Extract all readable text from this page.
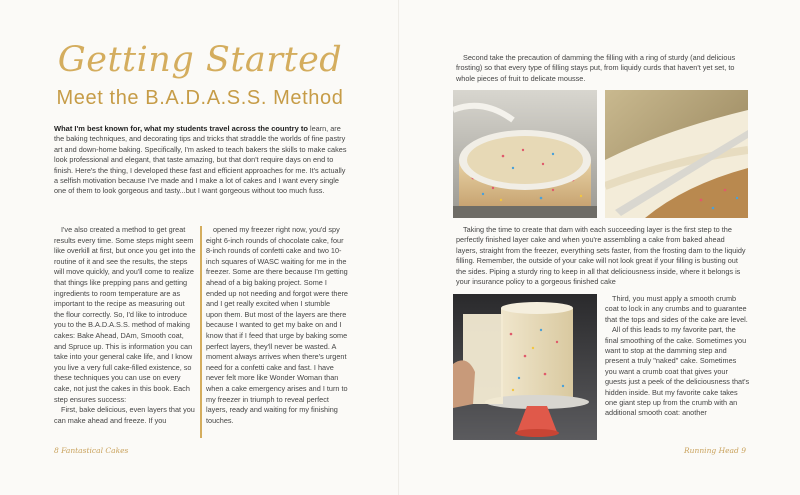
Getting Started
Meet the B.A.D.A.S.S. Method
What I'm best known for, what my students travel across the country to learn, are the baking techniques, and decorating tips and tricks that straddle the worlds of fine pastry art and down-home baking. Specifically, I'm asked to teach bakers the skills to make cakes look professional and elegant, that taste amazing, but that don't require days on end to finish. Here's the thing, I developed these fast and efficient approaches for me. It's actually a selfish motivation because I've made and I make a lot of cakes and I want every single one of them to look gorgeous and tasty...but I want gorgeous without too much fuss.

I've also created a method to get great results every time. Some steps might seem like overkill at first, but once you get into the routine of it and see the results, the steps will move quickly, and you'll come to realize that things like prepping pans and getting ingredients to room temperature are as important to the recipe as measuring out the flour correctly. So, I'd like to introduce you to the B.A.D.A.S.S. method of making cakes: Bake Ahead, DAm, Smooth coat, and Spruce up. This is information you can take into your general cake life, and I know you live a very full cake-filled existence, so these techniques you can use on every cake, not just the cakes in this book. Each step ensures success:

First, bake delicious, even layers that you can make ahead and freeze. If you

opened my freezer right now, you'd spy eight 6-inch rounds of chocolate cake, four 8-inch rounds of confetti cake and two 10-inch squares of WASC waiting for me in the freezer. Some are there because I'm getting ahead of a big baking project. Some I ended up not needing and forgot were there and I get really excited when I stumble upon them. But most of the layers are there because I wanted to get my bake on and I know that if I feed that urge by baking some perfect layers, they'll never be wasted. A moment always arrives when there's urgent need for a confetti cake and fast. I have never felt more like Wonder Woman than when a cake emergency arises and I turn to my freezer in triumph to reveal perfect layers, ready and waiting for my finishing touches.

8 Fantastical Cakes

Second take the precaution of damming the filling with a ring of sturdy (and delicious frosting) so that every type of filling stays put, from liquidy curds that haven't yet set, to whole pieces of fruit to delicate mousse.

Taking the time to create that dam with each succeeding layer is the first step to the perfectly finished layer cake and when you're assembling a cake from baked ahead layers, straight from the freezer, everything sets faster, from the frosting dam to the liquidy filling. Remember, the outside of your cake will not look great if your filling is busting out the sides. Piping a sturdy ring to keep in all that deliciousness inside, where it belongs is your insurance policy to a gorgeous finished cake

Third, you must apply a smooth crumb coat to lock in any crumbs and to guarantee that the tops and sides of the cake are level.

All of this leads to my favorite part, the final smoothing of the cake. Sometimes you want to stop at the damming step and present a truly "naked" cake. Sometimes you want a crumb coat that gives your guests just a peek of the deliciousness that's hidden inside. But my favorite cake takes one giant step up from the crumb with an additional smooth coat: another

Running Head 9
